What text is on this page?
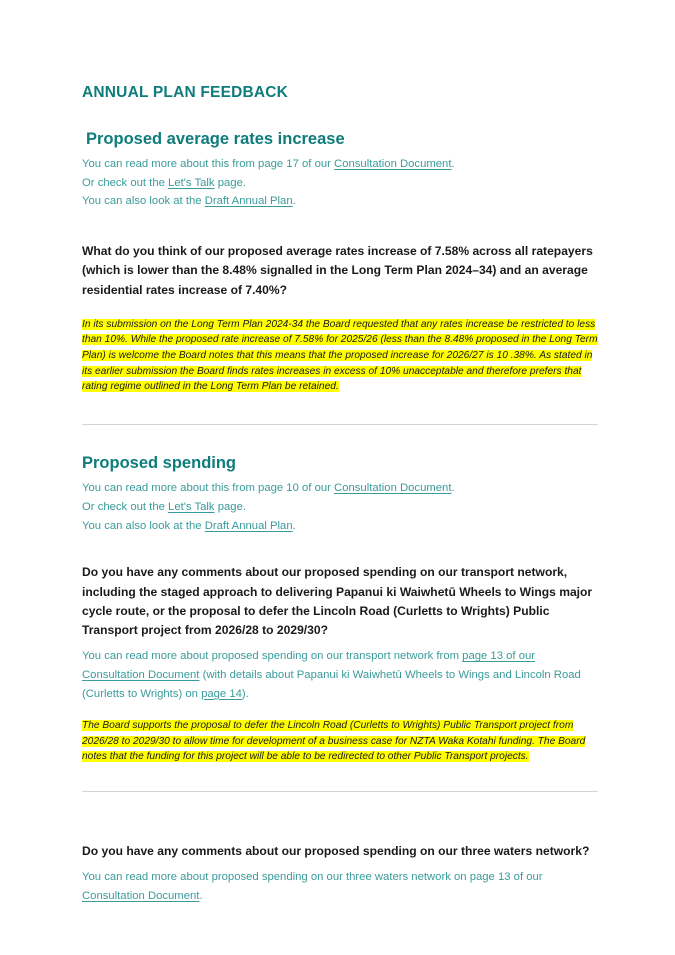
ANNUAL PLAN FEEDBACK
Proposed average rates increase

You can read more about this from page 17 of our Consultation Document.

Or check out the Let's Talk page.

You can also look at the Draft Annual Plan.

What do you think of our proposed average rates increase of 7.58% across all ratepayers (which is lower than the 8.48% signalled in the Long Term Plan 2024–34) and an average residential rates increase of 7.40%?

In its submission on the Long Term Plan 2024-34 the Board requested that any rates increase be restricted to less than 10%. While the proposed rate increase of 7.58% for 2025/26 (less than the 8.48% proposed in the Long Term Plan) is welcome the Board notes that this means that the proposed increase for 2026/27 is 10 .38%. As stated in its earlier submission the Board finds rates increases in excess of 10% unacceptable and therefore prefers that rating regime outlined in the Long Term Plan be retained.

Proposed spending

You can read more about this from page 10 of our Consultation Document.

Or check out the Let's Talk page.

You can also look at the Draft Annual Plan.

Do you have any comments about our proposed spending on our transport network, including the staged approach to delivering Papanui ki Waiwhetū Wheels to Wings major cycle route, or the proposal to defer the Lincoln Road (Curletts to Wrights) Public Transport project from 2026/28 to 2029/30?

You can read more about proposed spending on our transport network from page 13 of our Consultation Document (with details about Papanui ki Waiwhetū Wheels to Wings and Lincoln Road (Curletts to Wrights) on page 14).

The Board supports the proposal to defer the Lincoln Road (Curletts to Wrights) Public Transport project from 2026/28 to 2029/30 to allow time for development of a business case for NZTA Waka Kotahi funding. The Board notes that the funding for this project will be able to be redirected to other Public Transport projects.

Do you have any comments about our proposed spending on our three waters network?

You can read more about proposed spending on our three waters network on page 13 of our Consultation Document.
